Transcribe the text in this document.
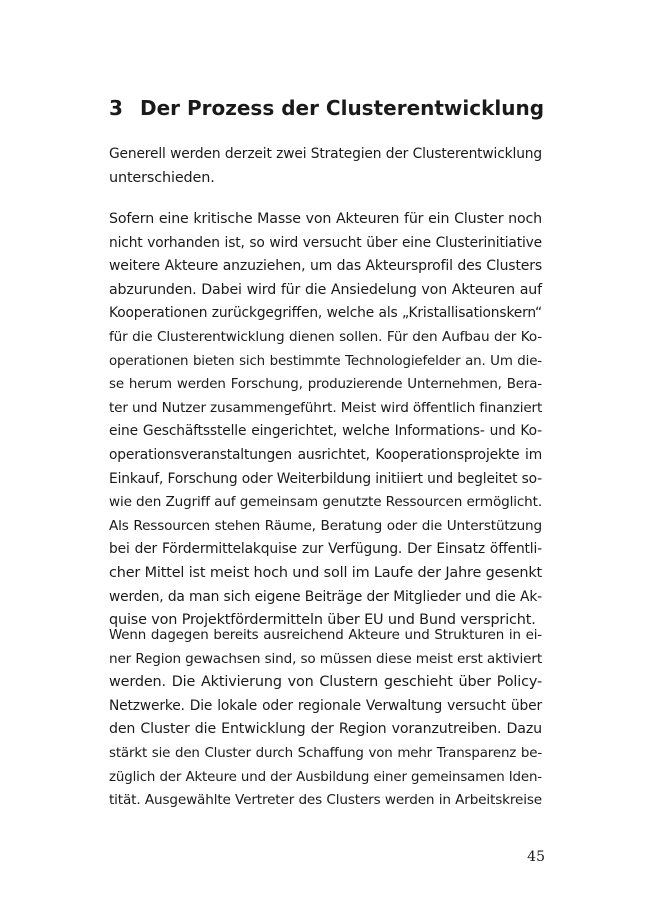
3 Der Prozess der Clusterentwicklung

Generell werden derzeit zwei Strategien der Clusterentwicklung
unterschieden.

Sofern eine kritische Masse von Akteuren für ein Cluster noch
nicht vorhanden ist, so wird versucht über eine Clusterinitiative
weitere Akteure anzuziehen, um das Akteursprofil des Clusters
abzurunden. Dabei wird für die Ansiedelung von Akteuren auf
Kooperationen zurückgegriffen, welche als „Kristallisationskern“
für die Clusterentwicklung dienen sollen. Für den Aufbau der Ko-
operationen bieten sich bestimmte Technologiefelder an. Um die-
se herum werden Forschung, produzierende Unternehmen, Bera-
ter und Nutzer zusammengeführt. Meist wird öffentlich finanziert
eine Geschäftsstelle eingerichtet, welche Informations- und Ko-
operationsveranstaltungen ausrichtet, Kooperationsprojekte im
Einkauf, Forschung oder Weiterbildung initiiert und begleitet so-
wie den Zugriff auf gemeinsam genutzte Ressourcen ermöglicht.
Als Ressourcen stehen Räume, Beratung oder die Unterstützung
bei der Fördermittelakquise zur Verfügung. Der Einsatz öffentli-
cher Mittel ist meist hoch und soll im Laufe der Jahre gesenkt
werden, da man sich eigene Beiträge der Mitglieder und die Ak-
quise von Projektfördermitteln über EU und Bund verspricht.

Wenn dagegen bereits ausreichend Akteure und Strukturen in ei-
ner Region gewachsen sind, so müssen diese meist erst aktiviert
werden. Die Aktivierung von Clustern geschieht über Policy-
Netzwerke. Die lokale oder regionale Verwaltung versucht über
den Cluster die Entwicklung der Region voranzutreiben. Dazu
stärkt sie den Cluster durch Schaffung von mehr Transparenz be-
züglich der Akteure und der Ausbildung einer gemeinsamen Iden-
tität. Ausgewählte Vertreter des Clusters werden in Arbeitskreise

45
